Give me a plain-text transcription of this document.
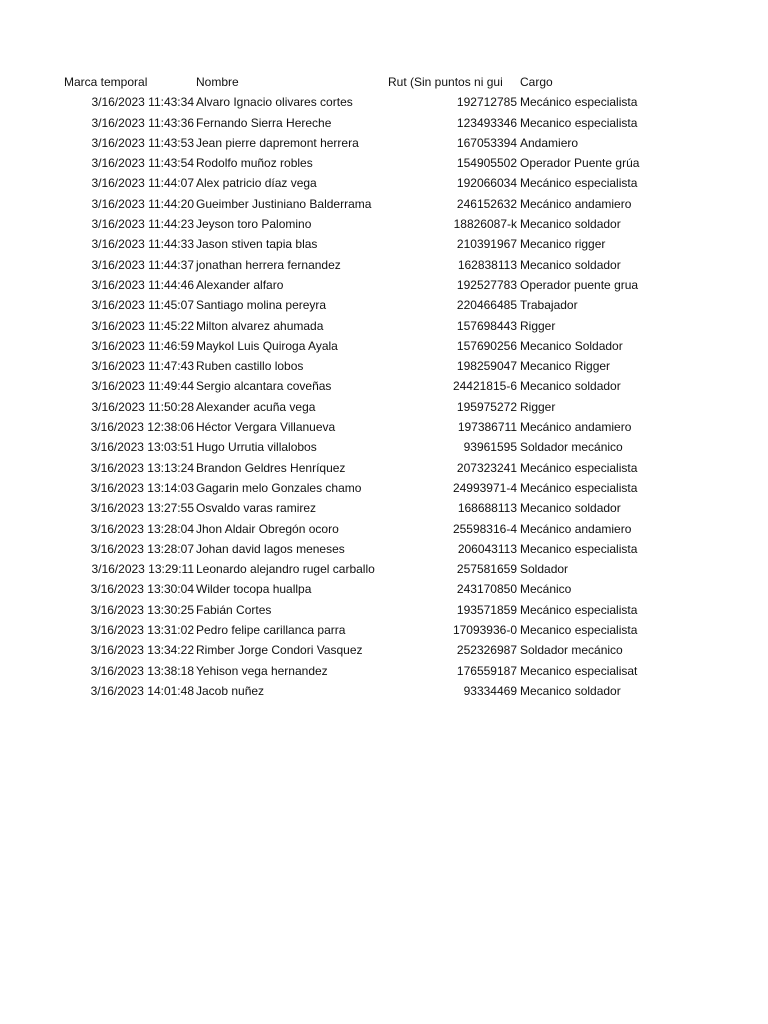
Marca temporal	Nombre	Rut (Sin puntos ni gui	Cargo
3/16/2023 11:43:34 Alvaro Ignacio olivares cortes	192712785 Mecánico especialista
3/16/2023 11:43:36 Fernando Sierra Hereche	123493346 Mecanico especialista
3/16/2023 11:43:53 Jean pierre dapremont herrera	167053394 Andamiero
3/16/2023 11:43:54 Rodolfo muñoz robles	154905502 Operador Puente grúa
3/16/2023 11:44:07 Alex patricio díaz vega	192066034 Mecánico especialista
3/16/2023 11:44:20 Gueimber Justiniano Balderrama	246152632 Mecánico andamiero
3/16/2023 11:44:23 Jeyson toro Palomino	18826087-k Mecanico soldador
3/16/2023 11:44:33 Jason stiven tapia blas	210391967 Mecanico rigger
3/16/2023 11:44:37 jonathan herrera fernandez	162838113 Mecanico soldador
3/16/2023 11:44:46 Alexander alfaro	192527783 Operador puente grua
3/16/2023 11:45:07 Santiago molina pereyra	220466485 Trabajador
3/16/2023 11:45:22 Milton alvarez ahumada	157698443 Rigger
3/16/2023 11:46:59 Maykol Luis Quiroga Ayala	157690256 Mecanico Soldador
3/16/2023 11:47:43 Ruben castillo lobos	198259047 Mecanico Rigger
3/16/2023 11:49:44 Sergio alcantara coveñas	24421815-6 Mecanico soldador
3/16/2023 11:50:28 Alexander acuña vega	195975272 Rigger
3/16/2023 12:38:06 Héctor Vergara Villanueva	197386711 Mecánico andamiero
3/16/2023 13:03:51 Hugo Urrutia villalobos	93961595 Soldador mecánico
3/16/2023 13:13:24 Brandon Geldres Henríquez	207323241 Mecánico especialista
3/16/2023 13:14:03 Gagarin melo Gonzales chamo	24993971-4 Mecánico especialista
3/16/2023 13:27:55 Osvaldo varas ramirez	168688113 Mecanico soldador
3/16/2023 13:28:04 Jhon Aldair Obregón ocoro	25598316-4 Mecánico andamiero
3/16/2023 13:28:07 Johan david lagos meneses	206043113 Mecanico especialista
3/16/2023 13:29:11 Leonardo alejandro rugel carballo	257581659 Soldador
3/16/2023 13:30:04 Wilder tocopa huallpa	243170850 Mecánico
3/16/2023 13:30:25 Fabián Cortes	193571859 Mecánico especialista
3/16/2023 13:31:02 Pedro felipe carillanca parra	17093936-0 Mecanico especialista
3/16/2023 13:34:22 Rimber Jorge Condori Vasquez	252326987 Soldador mecánico
3/16/2023 13:38:18 Yehison vega hernandez	176559187 Mecanico especialisat
3/16/2023 14:01:48 Jacob nuñez	93334469 Mecanico soldador
